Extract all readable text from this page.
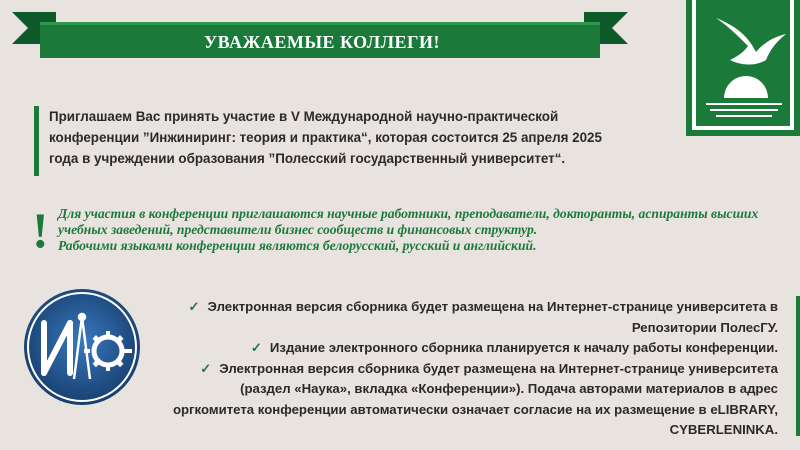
УВАЖАЕМЫЕ КОЛЛЕГИ!

Приглашаем Вас принять участие в V Международной научно-практической конференции ”Инжиниринг: теория и практика“, которая состоится 25 апреля 2025 года в учреждении образования ”Полесский государственный университет“.

! Для участия в конференции приглашаются научные работники, преподаватели, докторанты, аспиранты высших учебных заведений, представители бизнес сообществ и финансовых структур.

Рабочими языками конференции являются белорусский, русский и английский.

✓ Электронная версия сборника будет размещена на Интернет-странице университета в Репозитории ПолесГУ.

✓ Издание электронного сборника планируется к началу работы конференции.

✓ Электронная версия сборника будет размещена на Интернет-странице университета (раздел «Наука», вкладка «Конференции»). Подача авторами материалов в адрес оргкомитета конференции автоматически означает согласие на их размещение в eLIBRARY, CYBERLENINKA.
